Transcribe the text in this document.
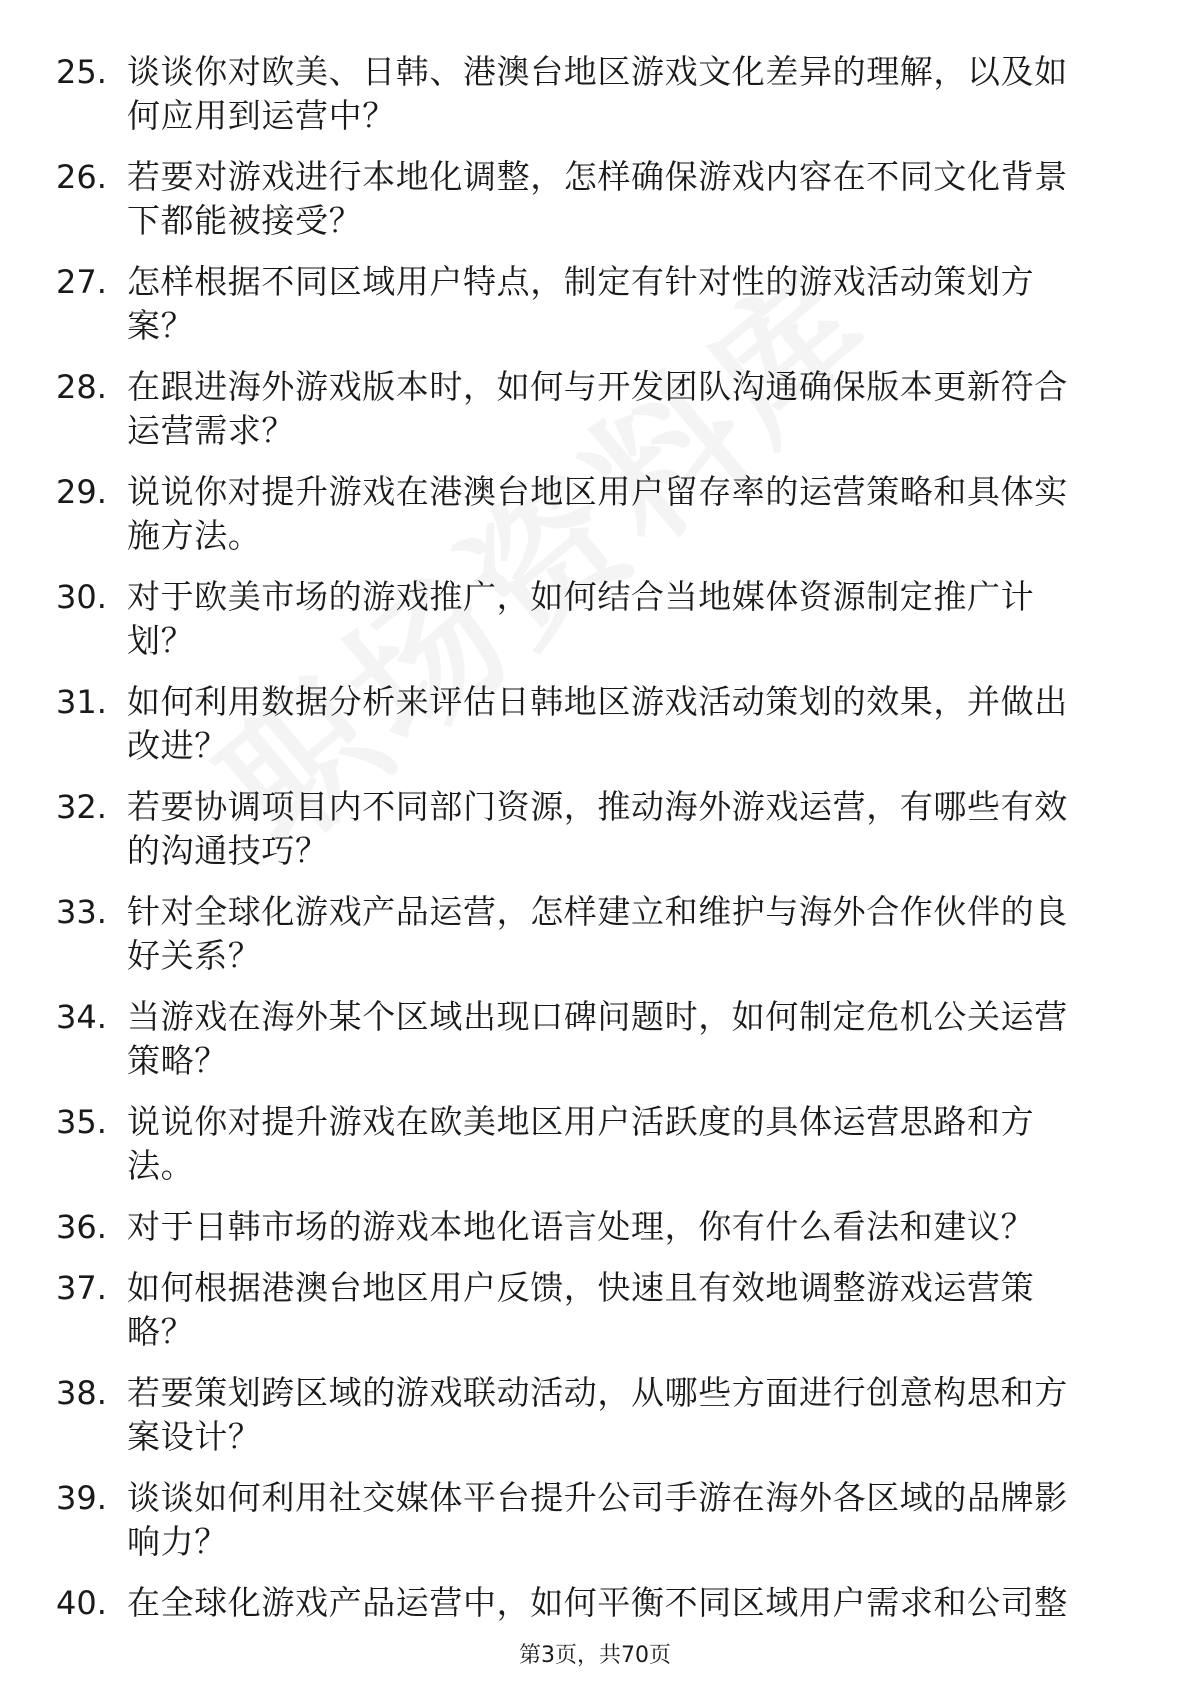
25. 谈谈你对欧美、日韩、港澳台地区游戏文化差异的理解，以及如何应用到运营中？
26. 若要对游戏进行本地化调整，怎样确保游戏内容在不同文化背景下都能被接受？
27. 怎样根据不同区域用户特点，制定有针对性的游戏活动策划方案？
28. 在跟进海外游戏版本时，如何与开发团队沟通确保版本更新符合运营需求？
29. 说说你对提升游戏在港澳台地区用户留存率的运营策略和具体实施方法。
30. 对于欧美市场的游戏推广，如何结合当地媒体资源制定推广计划？
31. 如何利用数据分析来评估日韩地区游戏活动策划的效果，并做出改进？
32. 若要协调项目内不同部门资源，推动海外游戏运营，有哪些有效的沟通技巧？
33. 针对全球化游戏产品运营，怎样建立和维护与海外合作伙伴的良好关系？
34. 当游戏在海外某个区域出现口碑问题时，如何制定危机公关运营策略？
35. 说说你对提升游戏在欧美地区用户活跃度的具体运营思路和方法。
36. 对于日韩市场的游戏本地化语言处理，你有什么看法和建议？
37. 如何根据港澳台地区用户反馈，快速且有效地调整游戏运营策略？
38. 若要策划跨区域的游戏联动活动，从哪些方面进行创意构思和方案设计？
39. 谈谈如何利用社交媒体平台提升公司手游在海外各区域的品牌影响力？
40. 在全球化游戏产品运营中，如何平衡不同区域用户需求和公司整
第3页，共70页
